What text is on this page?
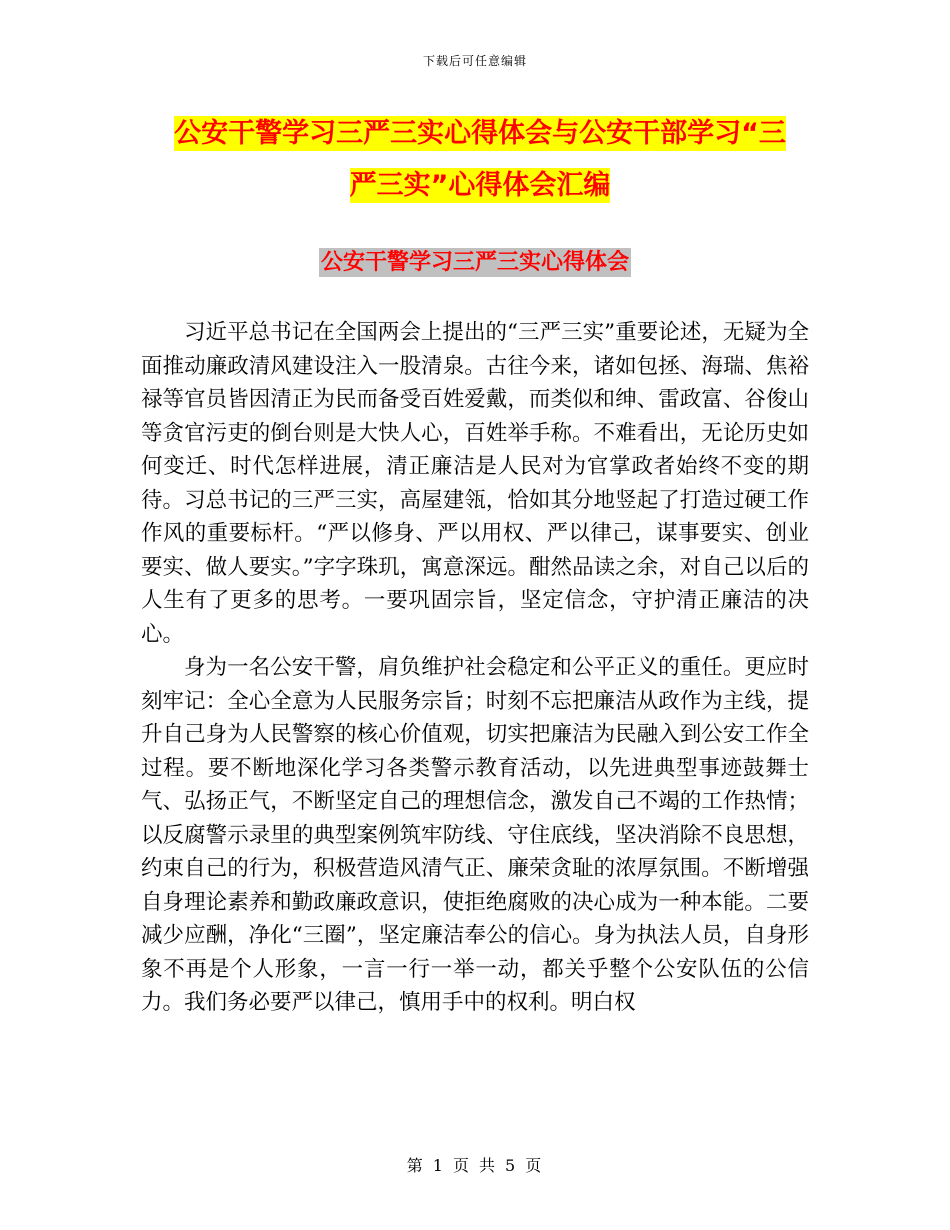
下载后可任意编辑
公安干警学习三严三实心得体会与公安干部学习“三
严三实”心得体会汇编
公安干警学习三严三实心得体会

习近平总书记在全国两会上提出的“三严三实”重要论述，无疑为全面推动廉政清风建设注入一股清泉。古往今来，诸如包拯、海瑞、焦裕禄等官员皆因清正为民而备受百姓爱戴，而类似和绅、雷政富、谷俊山等贪官污吏的倒台则是大快人心，百姓举手称。不难看出，无论历史如何变迁、时代怎样进展，清正廉洁是人民对为官掌政者始终不变的期待。习总书记的三严三实，高屋建瓴，恰如其分地竖起了打造过硬工作作风的重要标杆。“严以修身、严以用权、严以律己，谋事要实、创业要实、做人要实。”字字珠玑，寓意深远。酣然品读之余，对自己以后的人生有了更多的思考。一要巩固宗旨，坚定信念，守护清正廉洁的决心。

身为一名公安干警，肩负维护社会稳定和公平正义的重任。更应时刻牢记：全心全意为人民服务宗旨；时刻不忘把廉洁从政作为主线，提升自己身为人民警察的核心价值观，切实把廉洁为民融入到公安工作全过程。要不断地深化学习各类警示教育活动，以先进典型事迹鼓舞士气、弘扬正气，不断坚定自己的理想信念，激发自己不竭的工作热情；以反腐警示录里的典型案例筑牢防线、守住底线，坚决消除不良思想，约束自己的行为，积极营造风清气正、廉荣贪耻的浓厚氛围。不断增强自身理论素养和勤政廉政意识，使拒绝腐败的决心成为一种本能。二要减少应酬，净化“三圈”，坚定廉洁奉公的信心。身为执法人员，自身形象不再是个人形象，一言一行一举一动，都关乎整个公安队伍的公信力。我们务必要严以律己，慎用手中的权利。明白权

第 1 页 共 5 页
